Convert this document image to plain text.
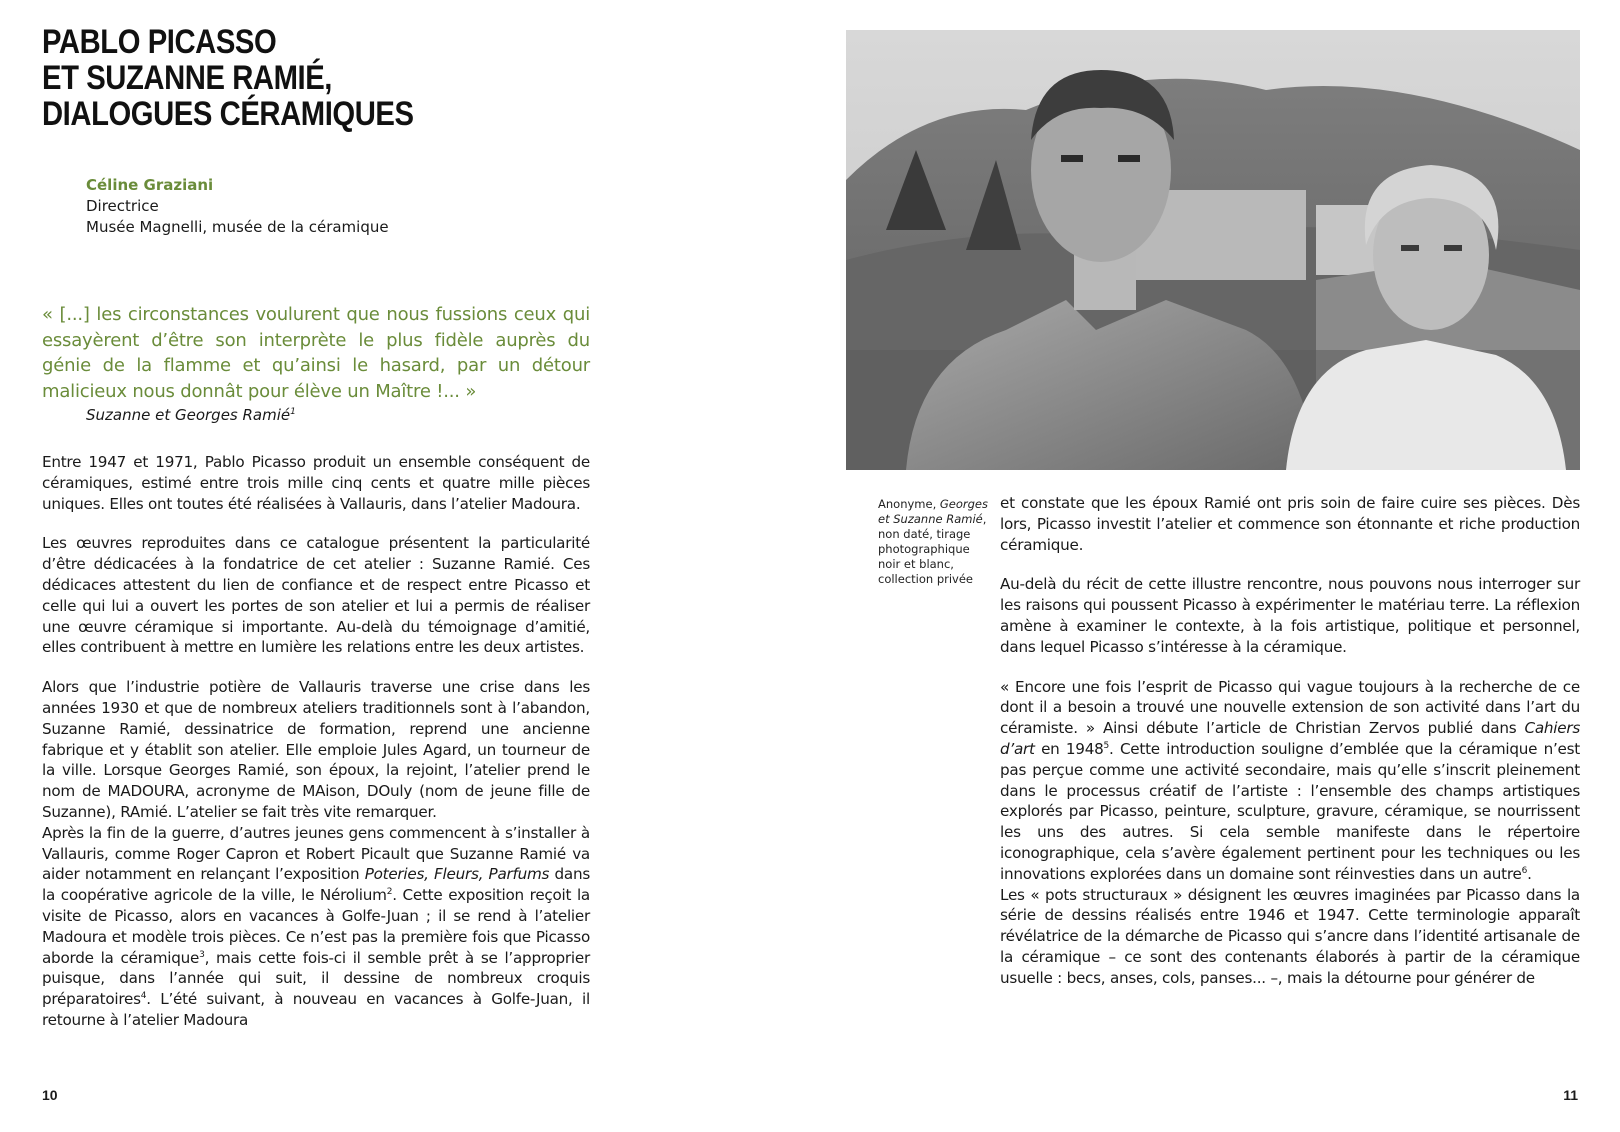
PABLO PICASSO
ET SUZANNE RAMIÉ,
DIALOGUES CÉRAMIQUES
Céline Graziani
Directrice
Musée Magnelli, musée de la céramique

« [...] les circonstances voulurent que nous fussions ceux qui essayèrent d’être son interprète le plus fidèle auprès du génie de la flamme et qu’ainsi le hasard, par un détour malicieux nous donnât pour élève un Maître !... »

Suzanne et Georges Ramié$^1$

Entre 1947 et 1971, Pablo Picasso produit un ensemble conséquent de céramiques, estimé entre trois mille cinq cents et quatre mille pièces uniques. Elles ont toutes été réalisées à Vallauris, dans l’atelier Madoura.

Les œuvres reproduites dans ce catalogue présentent la particularité d’être dédicacées à la fondatrice de cet atelier : Suzanne Ramié. Ces dédicaces attestent du lien de confiance et de respect entre Picasso et celle qui lui a ouvert les portes de son atelier et lui a permis de réaliser une œuvre céramique si importante. Au-delà du témoignage d’amitié, elles contribuent à mettre en lumière les relations entre les deux artistes.

Alors que l’industrie potière de Vallauris traverse une crise dans les années 1930 et que de nombreux ateliers traditionnels sont à l’abandon, Suzanne Ramié, dessinatrice de formation, reprend une ancienne fabrique et y établit son atelier. Elle emploie Jules Agard, un tourneur de la ville. Lorsque Georges Ramié, son époux, la rejoint, l’atelier prend le nom de MADOURA, acronyme de MAison, DOuly (nom de jeune fille de Suzanne), RAmié. L’atelier se fait très vite remarquer.

Après la fin de la guerre, d’autres jeunes gens commencent à s’installer à Vallauris, comme Roger Capron et Robert Picault que Suzanne Ramié va aider notamment en relançant l’exposition Poteries, Fleurs, Parfums dans la coopérative agricole de la ville, le Nérolium$^2$. Cette exposition reçoit la visite de Picasso, alors en vacances à Golfe-Juan ; il se rend à l’atelier Madoura et modèle trois pièces. Ce n’est pas la première fois que Picasso aborde la céramique$^3$, mais cette fois-ci il semble prêt à se l’approprier puisque, dans l’année qui suit, il dessine de nombreux croquis préparatoires$^4$. L’été suivant, à nouveau en vacances à Golfe-Juan, il retourne à l’atelier Madoura

10
Anonyme, Georges et Suzanne Ramié, non daté, tirage photographique noir et blanc, collection privée

et constate que les époux Ramié ont pris soin de faire cuire ses pièces. Dès lors, Picasso investit l’atelier et commence son étonnante et riche production céramique.

Au-delà du récit de cette illustre rencontre, nous pouvons nous interroger sur les raisons qui poussent Picasso à expérimenter le matériau terre. La réflexion amène à examiner le contexte, à la fois artistique, politique et personnel, dans lequel Picasso s’intéresse à la céramique.

« Encore une fois l’esprit de Picasso qui vague toujours à la recherche de ce dont il a besoin a trouvé une nouvelle extension de son activité dans l’art du céramiste. » Ainsi débute l’article de Christian Zervos publié dans Cahiers d’art en 1948$^5$. Cette introduction souligne d’emblée que la céramique n’est pas perçue comme une activité secondaire, mais qu’elle s’inscrit pleinement dans le processus créatif de l’artiste : l’ensemble des champs artistiques explorés par Picasso, peinture, sculpture, gravure, céramique, se nourrissent les uns des autres. Si cela semble manifeste dans le répertoire iconographique, cela s’avère également pertinent pour les techniques ou les innovations explorées dans un domaine sont réinvesties dans un autre$^6$.

Les « pots structuraux » désignent les œuvres imaginées par Picasso dans la série de dessins réalisés entre 1946 et 1947. Cette terminologie apparaît révélatrice de la démarche de Picasso qui s’ancre dans l’identité artisanale de la céramique – ce sont des contenants élaborés à partir de la céramique usuelle : becs, anses, cols, panses... –, mais la détourne pour générer de

11
